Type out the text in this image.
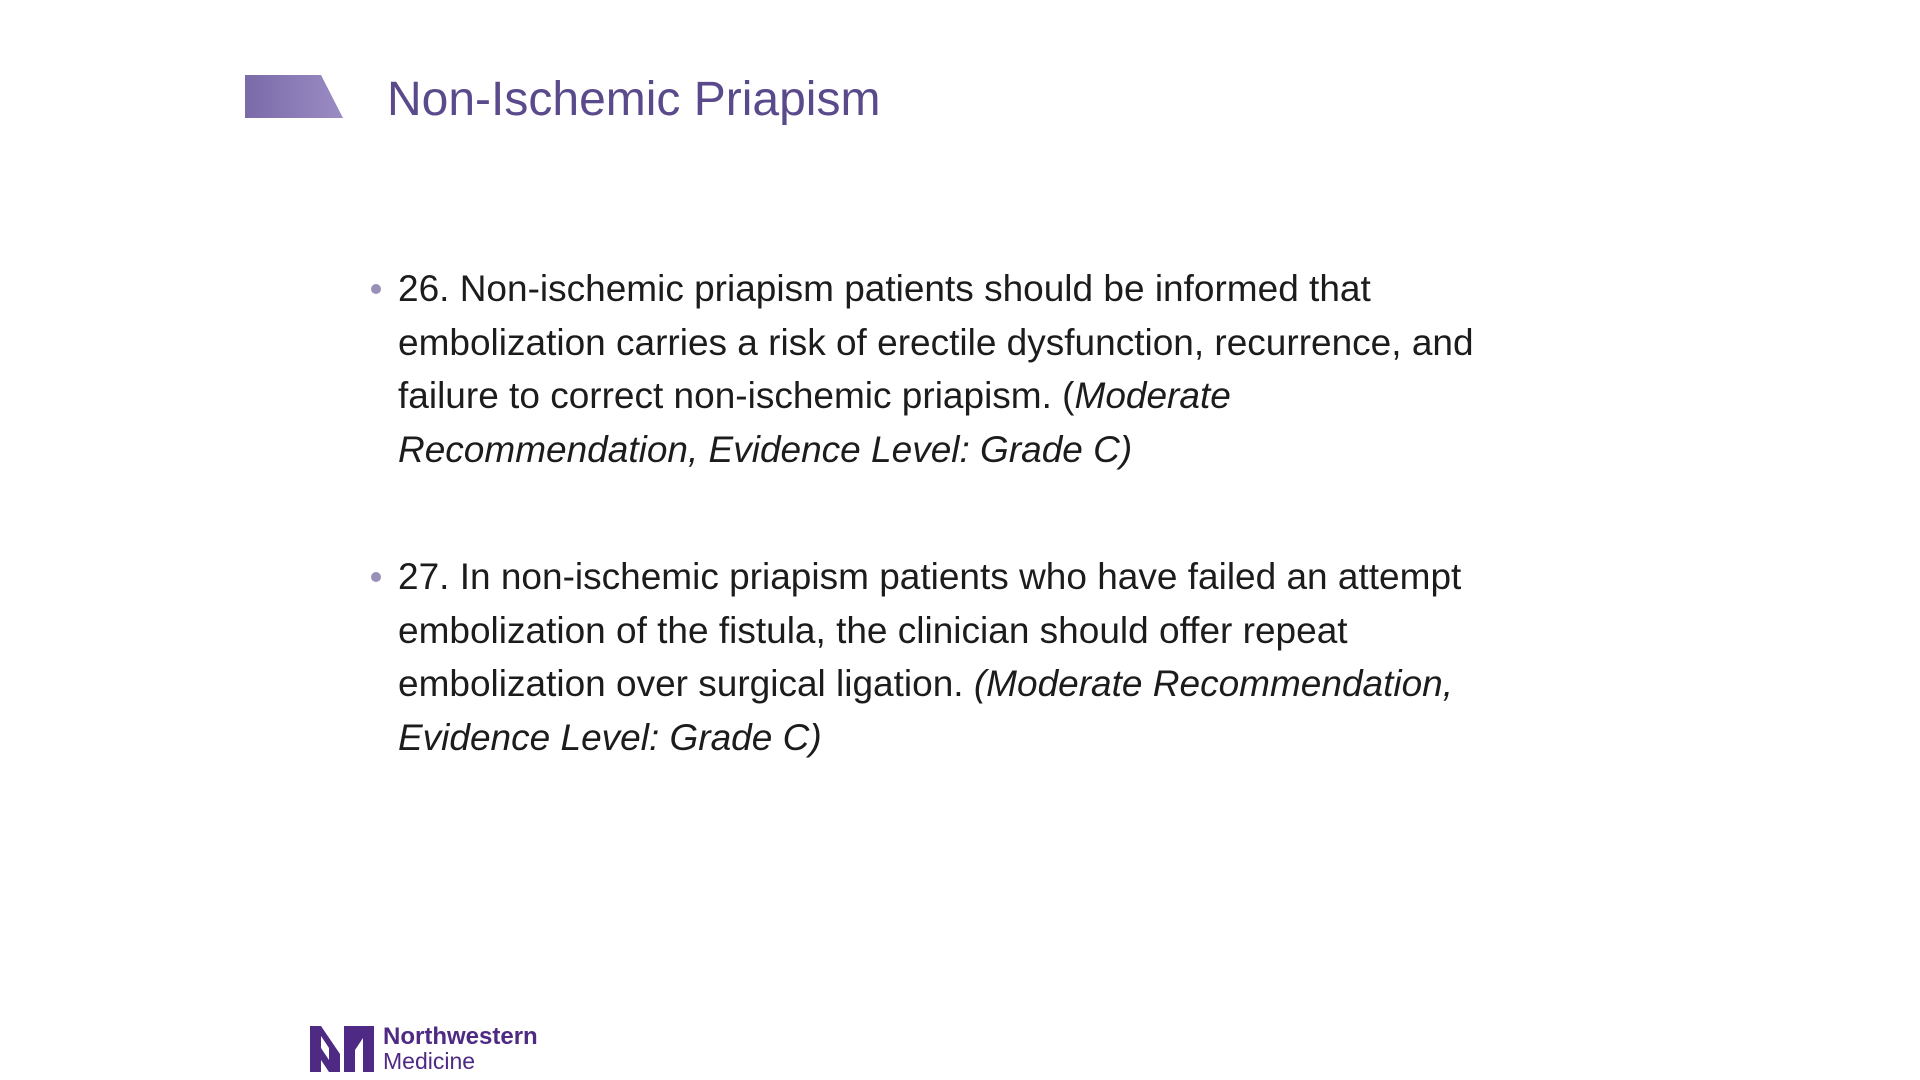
Non-Ischemic Priapism
26. Non-ischemic priapism patients should be informed that embolization carries a risk of erectile dysfunction, recurrence, and failure to correct non-ischemic priapism. (Moderate Recommendation, Evidence Level: Grade C)
27. In non-ischemic priapism patients who have failed an attempt embolization of the fistula, the clinician should offer repeat embolization over surgical ligation. (Moderate Recommendation, Evidence Level: Grade C)
Northwestern
Medicine
